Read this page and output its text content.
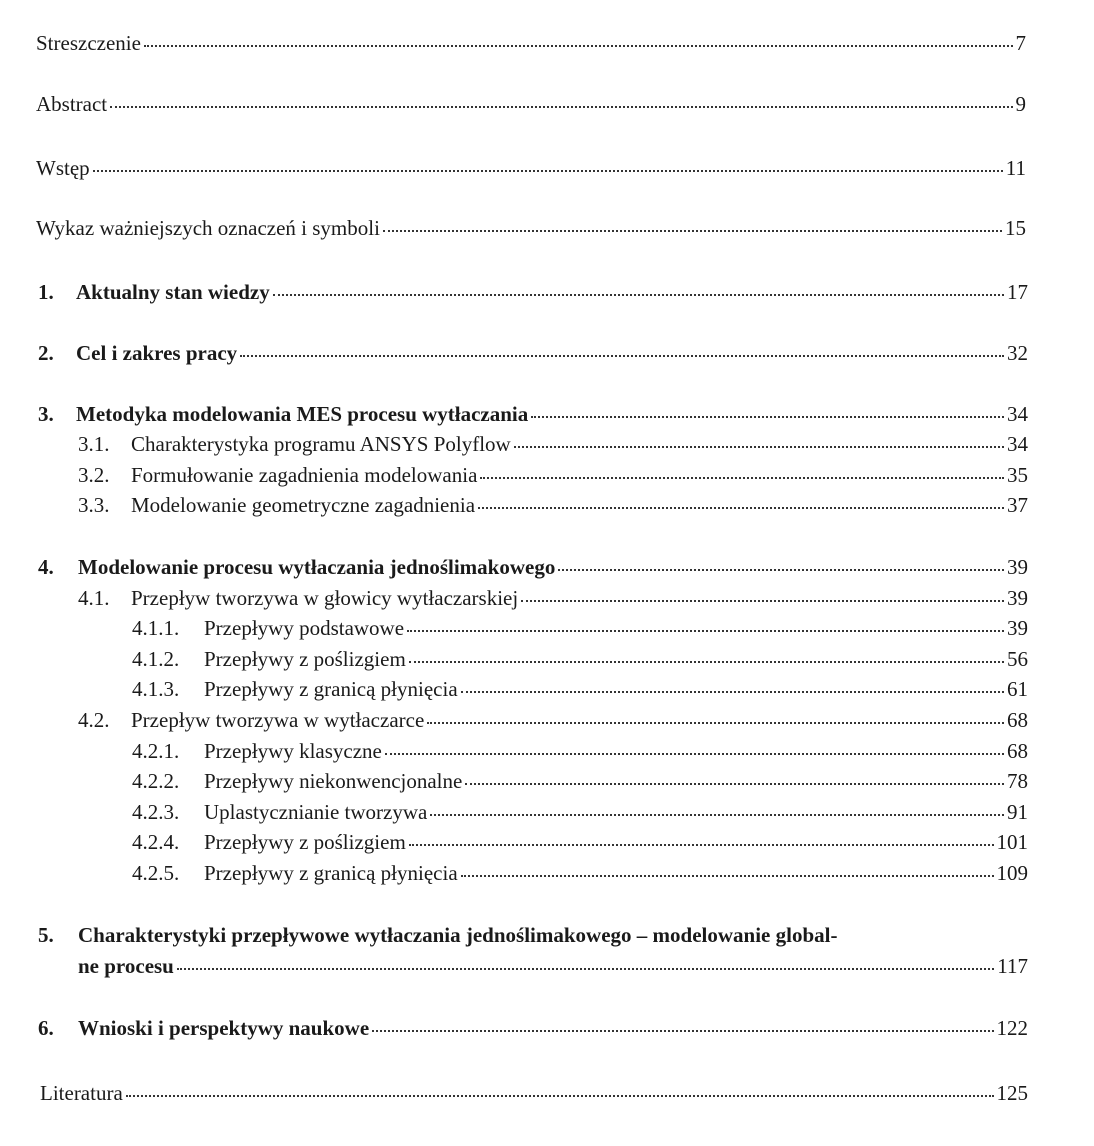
Streszczenie	7
Abstract	9
Wstęp	11
Wykaz ważniejszych oznaczeń i symboli	15
1.	Aktualny stan wiedzy	17
2.	Cel i zakres pracy	32
3.	Metodyka modelowania MES procesu wytłaczania	34
3.1.	Charakterystyka programu ANSYS Polyflow	34
3.2.	Formułowanie zagadnienia modelowania	35
3.3.	Modelowanie geometryczne zagadnienia	37
4.	Modelowanie procesu wytłaczania jednoślimakowego	39
4.1.	Przepływ tworzywa w głowicy wytłaczarskiej	39
4.1.1.	Przepływy podstawowe	39
4.1.2.	Przepływy z poślizgiem	56
4.1.3.	Przepływy z granicą płynięcia	61
4.2.	Przepływ tworzywa w wytłaczarce	68
4.2.1.	Przepływy klasyczne	68
4.2.2.	Przepływy niekonwencjonalne	78
4.2.3.	Uplastycznianie tworzywa	91
4.2.4.	Przepływy z poślizgiem	101
4.2.5.	Przepływy z granicą płynięcia	109
5. Charakterystyki przepływowe wytłaczania jednoślimakowego – modelowanie global-
ne procesu	117
6.	Wnioski i perspektywy naukowe	122
Literatura	125
